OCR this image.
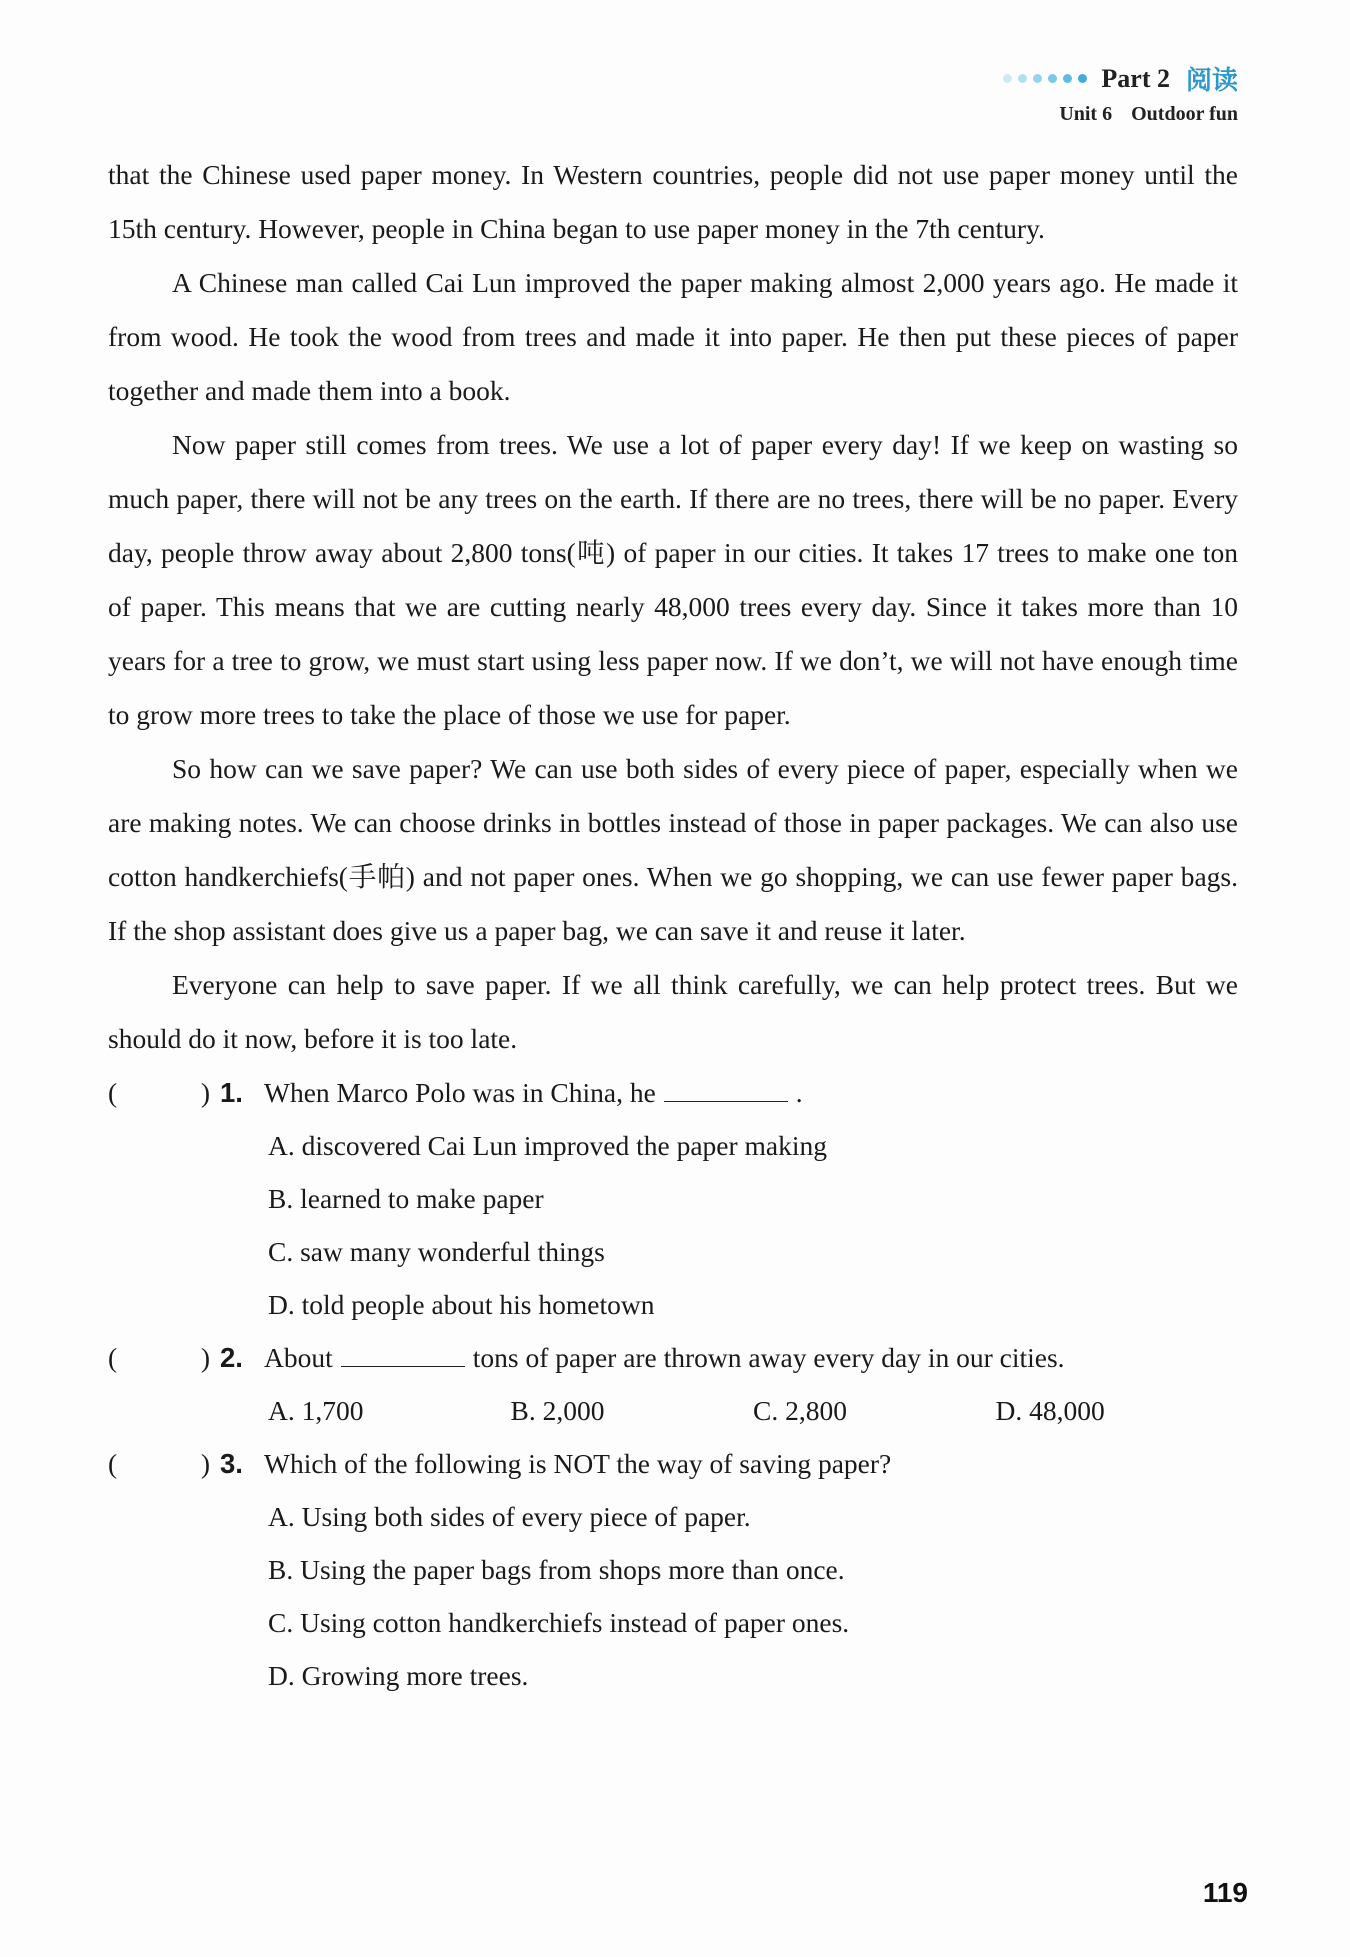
Part 2 阅读
Unit 6 Outdoor fun

that the Chinese used paper money. In Western countries, people did not use paper money until the 15th century. However, people in China began to use paper money in the 7th century.

A Chinese man called Cai Lun improved the paper making almost 2,000 years ago. He made it from wood. He took the wood from trees and made it into paper. He then put these pieces of paper together and made them into a book.

Now paper still comes from trees. We use a lot of paper every day! If we keep on wasting so much paper, there will not be any trees on the earth. If there are no trees, there will be no paper. Every day, people throw away about 2,800 tons(吨) of paper in our cities. It takes 17 trees to make one ton of paper. This means that we are cutting nearly 48,000 trees every day. Since it takes more than 10 years for a tree to grow, we must start using less paper now. If we don’t, we will not have enough time to grow more trees to take the place of those we use for paper.

So how can we save paper? We can use both sides of every piece of paper, especially when we are making notes. We can choose drinks in bottles instead of those in paper packages. We can also use cotton handkerchiefs(手帕) and not paper ones. When we go shopping, we can use fewer paper bags. If the shop assistant does give us a paper bag, we can save it and reuse it later.

Everyone can help to save paper. If we all think carefully, we can help protect trees. But we should do it now, before it is too late.

(	) 1. When Marco Polo was in China, he	.
A. discovered Cai Lun improved the paper making
B. learned to make paper
C. saw many wonderful things
D. told people about his hometown
(	) 2. About	tons of paper are thrown away every day in our cities.
A. 1,700	B. 2,000	C. 2,800	D. 48,000
(	) 3. Which of the following is NOT the way of saving paper?
A. Using both sides of every piece of paper.
B. Using the paper bags from shops more than once.
C. Using cotton handkerchiefs instead of paper ones.
D. Growing more trees.
119
